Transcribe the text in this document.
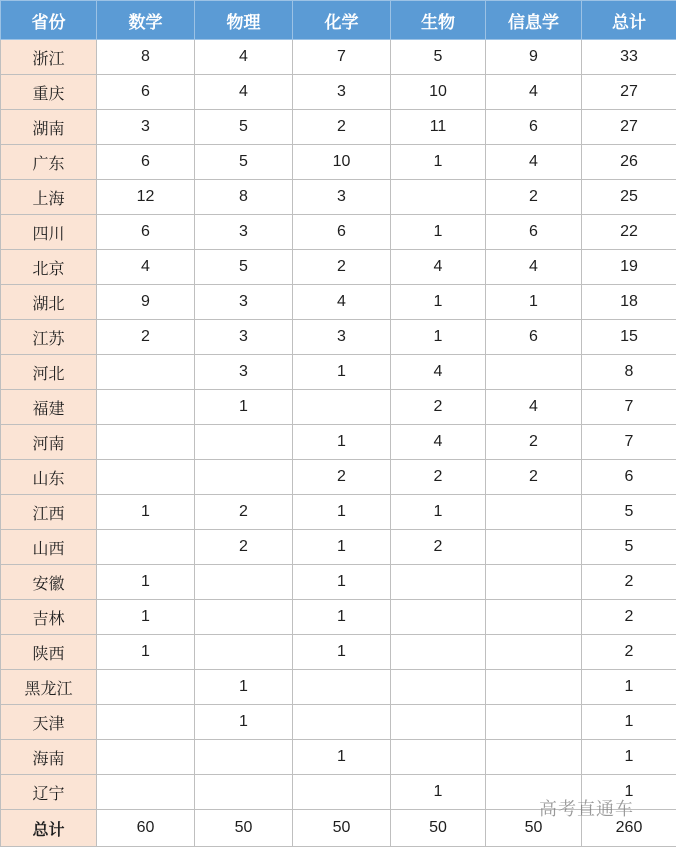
省份	数学	物理	化学	生物	信息学	总计
浙江	8	4	7	5	9	33
重庆	6	4	3	10	4	27
湖南	3	5	2	11	6	27
广东	6	5	10	1	4	26
上海	12	8	3		2	25
四川	6	3	6	1	6	22
北京	4	5	2	4	4	19
湖北	9	3	4	1	1	18
江苏	2	3	3	1	6	15
河北		3	1	4		8
福建		1		2	4	7
河南			1	4	2	7
山东			2	2	2	6
江西	1	2	1	1		5
山西		2	1	2		5
安徽	1		1			2
吉林	1		1			2
陕西	1		1			2
黑龙江		1				1
天津		1				1
海南			1			1
辽宁				1		1
总计	60	50	50	50	50	260
高考直通车
